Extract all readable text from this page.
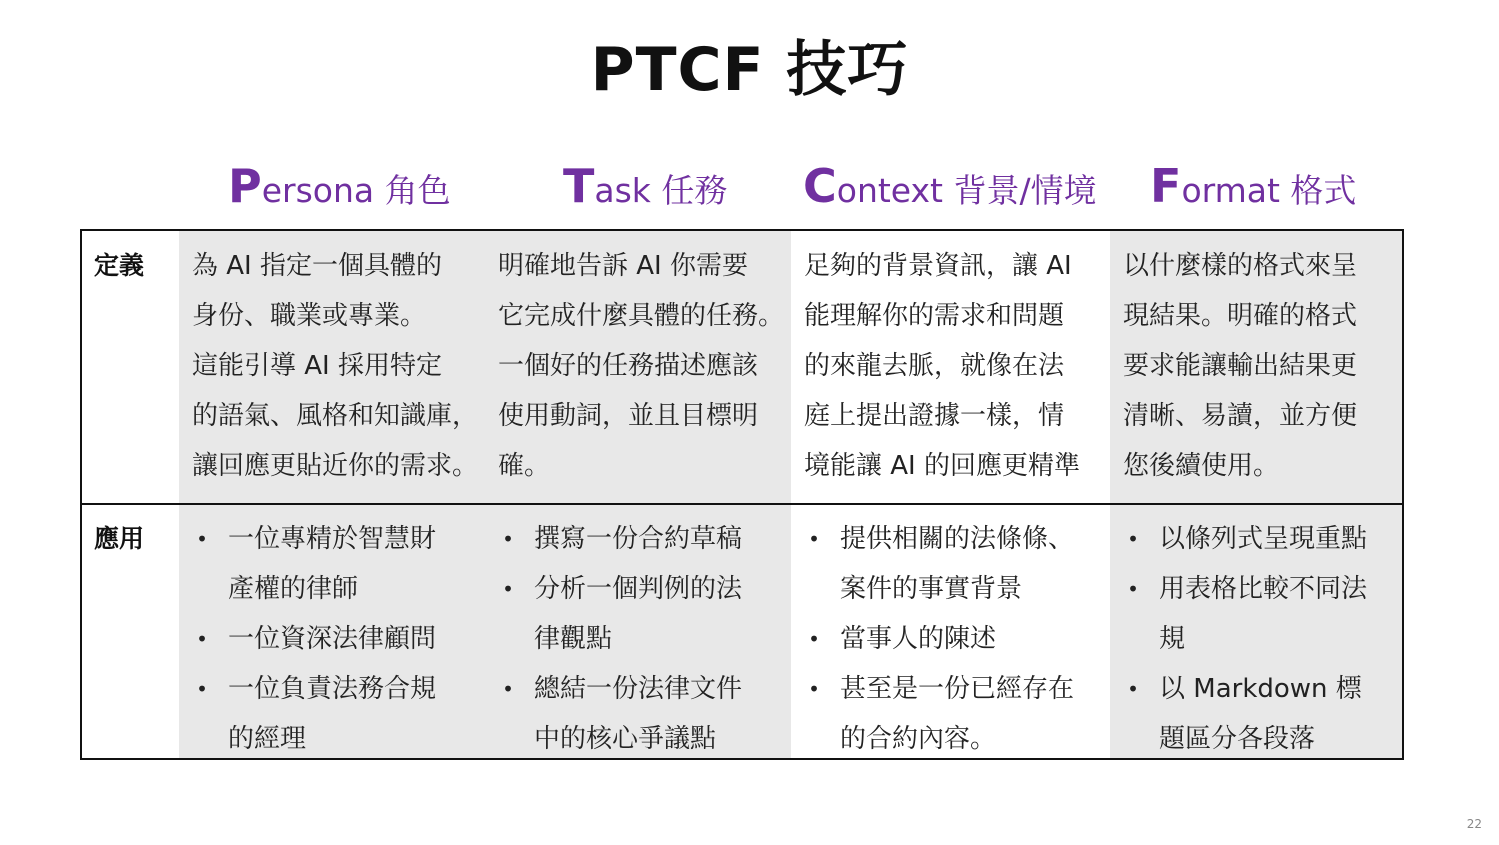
PTCF 技巧
Persona 角色 Task 任務 Context 背景/情境 Format 格式
定義
應用
為 AI 指定一個具體的
身份、職業或專業。
這能引導 AI 採用特定
的語氣、風格和知識庫，
讓回應更貼近你的需求。
明確地告訴 AI 你需要
它完成什麼具體的任務。
一個好的任務描述應該
使用動詞，並且目標明
確。
足夠的背景資訊，讓 AI
能理解你的需求和問題
的來龍去脈，就像在法
庭上提出證據一樣，情
境能讓 AI 的回應更精準
以什麼樣的格式來呈
現結果。明確的格式
要求能讓輸出結果更
清晰、易讀，並方便
您後續使用。
• 一位專精於智慧財
產權的律師
• 一位資深法律顧問
• 一位負責法務合規
的經理
• 撰寫一份合約草稿
• 分析一個判例的法
律觀點
• 總結一份法律文件
中的核心爭議點
• 提供相關的法條條、
案件的事實背景
• 當事人的陳述
• 甚至是一份已經存在
的合約內容。
• 以條列式呈現重點
• 用表格比較不同法
規
• 以 Markdown 標
題區分各段落
22
